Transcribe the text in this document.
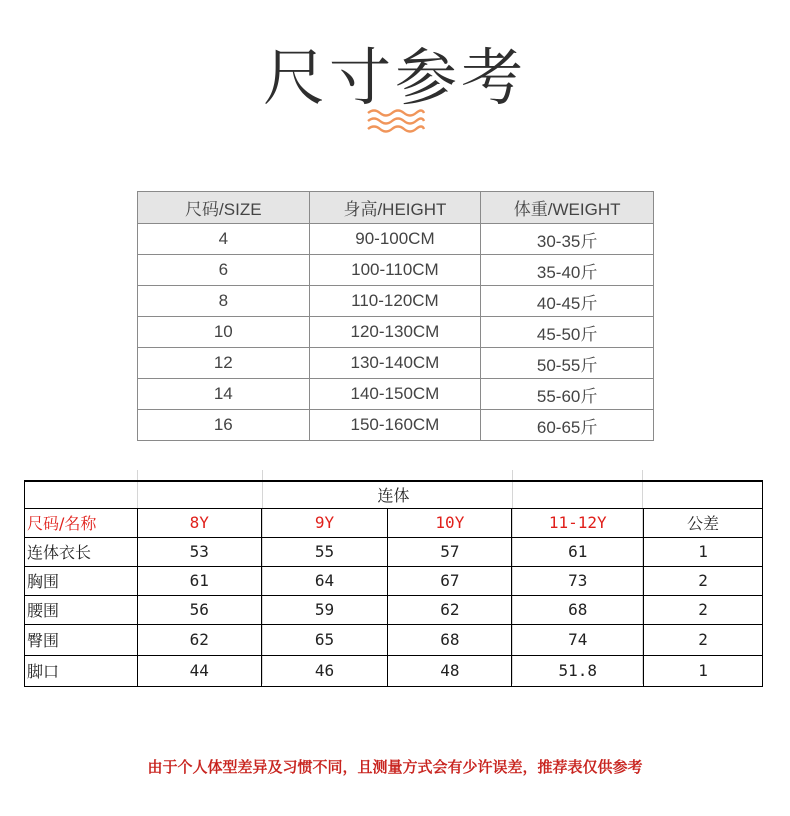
尺寸参考
尺码/SIZE	身高/HEIGHT	体重/WEIGHT
4	90-100CM	30-35斤
6	100-110CM	35-40斤
8	110-120CM	40-45斤
10	120-130CM	45-50斤
12	130-140CM	50-55斤
14	140-150CM	55-60斤
16	150-160CM	60-65斤
连体					
尺码/名称	8Y	9Y	10Y	11-12Y	公差
连体衣长	53	55	57	61	1
胸围	61	64	67	73	2
腰围	56	59	62	68	2
臀围	62	65	68	74	2
脚口	44	46	48	51.8	1
由于个人体型差异及习惯不同，且测量方式会有少许误差，推荐表仅供参考
